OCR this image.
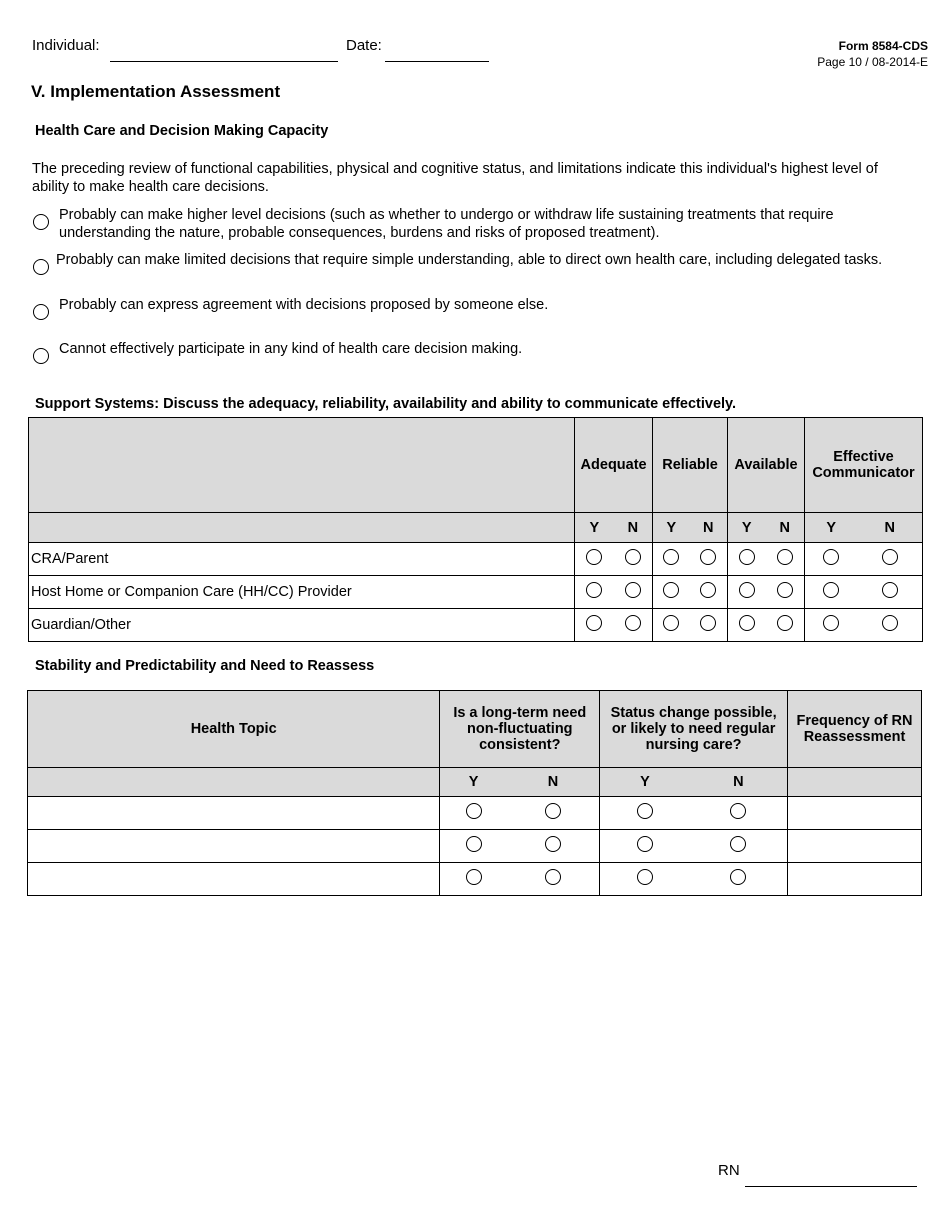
Individual:	Date:	Form 8584-CDS
Page 10 / 08-2014-E
V. Implementation Assessment
Health Care and Decision Making Capacity
The preceding review of functional capabilities, physical and cognitive status, and limitations indicate this individual's highest level of ability to make health care decisions.
Probably can make higher level decisions (such as whether to undergo or withdraw life sustaining treatments that require understanding the nature, probable consequences, burdens and risks of proposed treatment).
Probably can make limited decisions that require simple understanding, able to direct own health care, including delegated tasks.
Probably can express agreement with decisions proposed by someone else.
Cannot effectively participate in any kind of health care decision making.
Support Systems: Discuss the adequacy, reliability, availability and ability to communicate effectively.
	Adequate		Reliable		Available		Effective Communicator	
	Y	N	Y	N	Y	N	Y	N
CRA/Parent								
Host Home or Companion Care (HH/CC) Provider								
Guardian/Other								
Stability and Predictability and Need to Reassess
Health Topic	Is a long-term need non-fluctuating consistent?		Status change possible, or likely to need regular nursing care?		Frequency of RN Reassessment
	Y	N	Y	N	

RN
